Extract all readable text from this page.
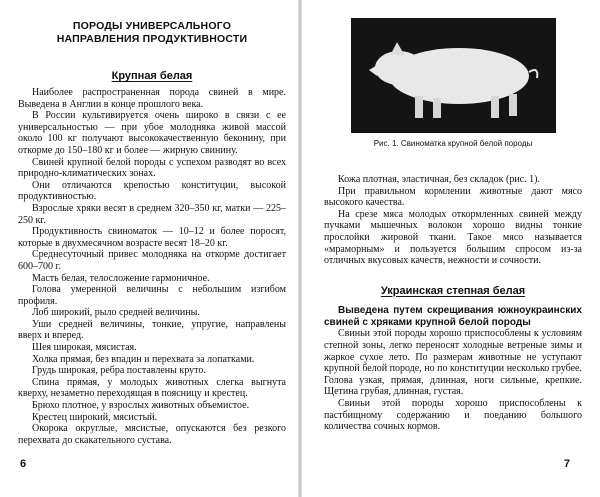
ПОРОДЫ УНИВЕРСАЛЬНОГО
НАПРАВЛЕНИЯ ПРОДУКТИВНОСТИ
Крупная белая

Наиболее распространенная порода свиней в мире. Выведена в Англии в конце прошлого века.

В России культивируется очень широко в связи с ее универсальностью — при убое молодняка живой массой около 100 кг получают высококачественную беконину, при откорме до 150–180 кг и более — жирную свинину.

Свиней крупной белой породы с успехом разводят во всех природно-климатических зонах.

Они отличаются крепостью конституции, высокой продуктивностью.

Взрослые хряки весят в среднем 320–350 кг, матки — 225–250 кг.

Продуктивность свиноматок — 10–12 и более поросят, которые в двухмесячном возрасте весят 18–20 кг.

Среднесуточный привес молодняка на откорме достигает 600–700 г.

Масть белая, телосложение гармоничное.

Голова умеренной величины с небольшим изгибом профиля.

Лоб широкий, рыло средней величины.

Уши средней величины, тонкие, упругие, направлены вверх и вперед.

Шея широкая, мясистая.

Холка прямая, без впадин и перехвата за лопатками.

Грудь широкая, ребра поставлены круто.

Спина прямая, у молодых животных слегка выгнута кверху, незаметно переходящая в поясницу и крестец.

Брюхо плотное, у взрослых животных объемистое.

Крестец широкий, мясистый.

Окорока округлые, мясистые, опускаются без резкого перехвата до скакательного сустава.

6
Рис. 1. Свиноматка крупной белой породы

Кожа плотная, эластичная, без складок (рис. 1).

При правильном кормлении животные дают мясо высокого качества.

На срезе мяса молодых откормленных свиней между пучками мышечных волокон хорошо видны тонкие прослойки жировой ткани. Такое мясо называется «мраморным» и пользуется большим спросом из-за отличных вкусовых качеств, нежности и сочности.

Украинская степная белая

Выведена путем скрещивания южноукраинских свиней с хряками крупной белой породы

Свиньи этой породы хорошо приспособлены к условиям степной зоны, легко переносят холодные ветреные зимы и жаркое сухое лето. По размерам животные не уступают крупной белой породе, но по конституции несколько грубее. Голова узкая, прямая, длинная, ноги сильные, крепкие. Щетина грубая, длинная, густая.

Свиньи этой породы хорошо приспособлены к пастбищному содержанию и поеданию большого количества сочных кормов.

7
